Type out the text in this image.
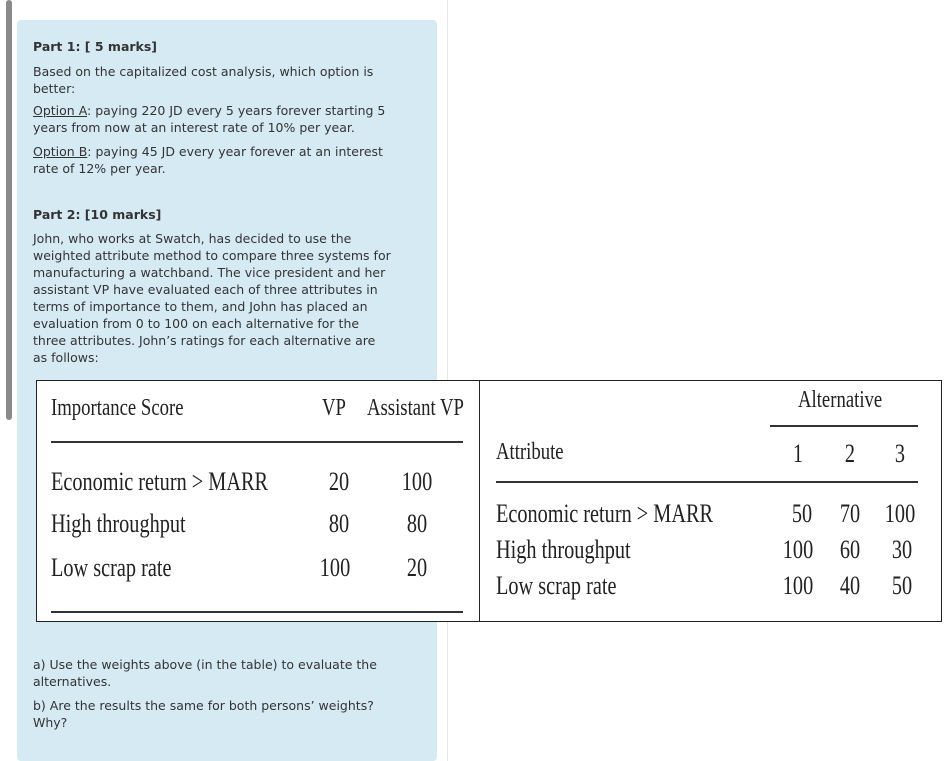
Part 1: [ 5 marks]
Based on the capitalized cost analysis, which option is
better:
Option A: paying 220 JD every 5 years forever starting 5
years from now at an interest rate of 10% per year.
Option B: paying 45 JD every year forever at an interest
rate of 12% per year.
Part 2: [10 marks]
John, who works at Swatch, has decided to use the
weighted attribute method to compare three systems for
manufacturing a watchband. The vice president and her
assistant VP have evaluated each of three attributes in
terms of importance to them, and John has placed an
evaluation from 0 to 100 on each alternative for the
three attributes. John’s ratings for each alternative are
as follows:
Importance Score	VP Assistant VP
Economic return > MARR	20	100
High throughput	80	80
Low scrap rate	100	20
Alternative
Attribute	1	2	3
Economic return > MARR	50	70 100
High throughput	100	60	30
Low scrap rate	100	40	50
a) Use the weights above (in the table) to evaluate the
alternatives.
b) Are the results the same for both persons’ weights?
Why?
